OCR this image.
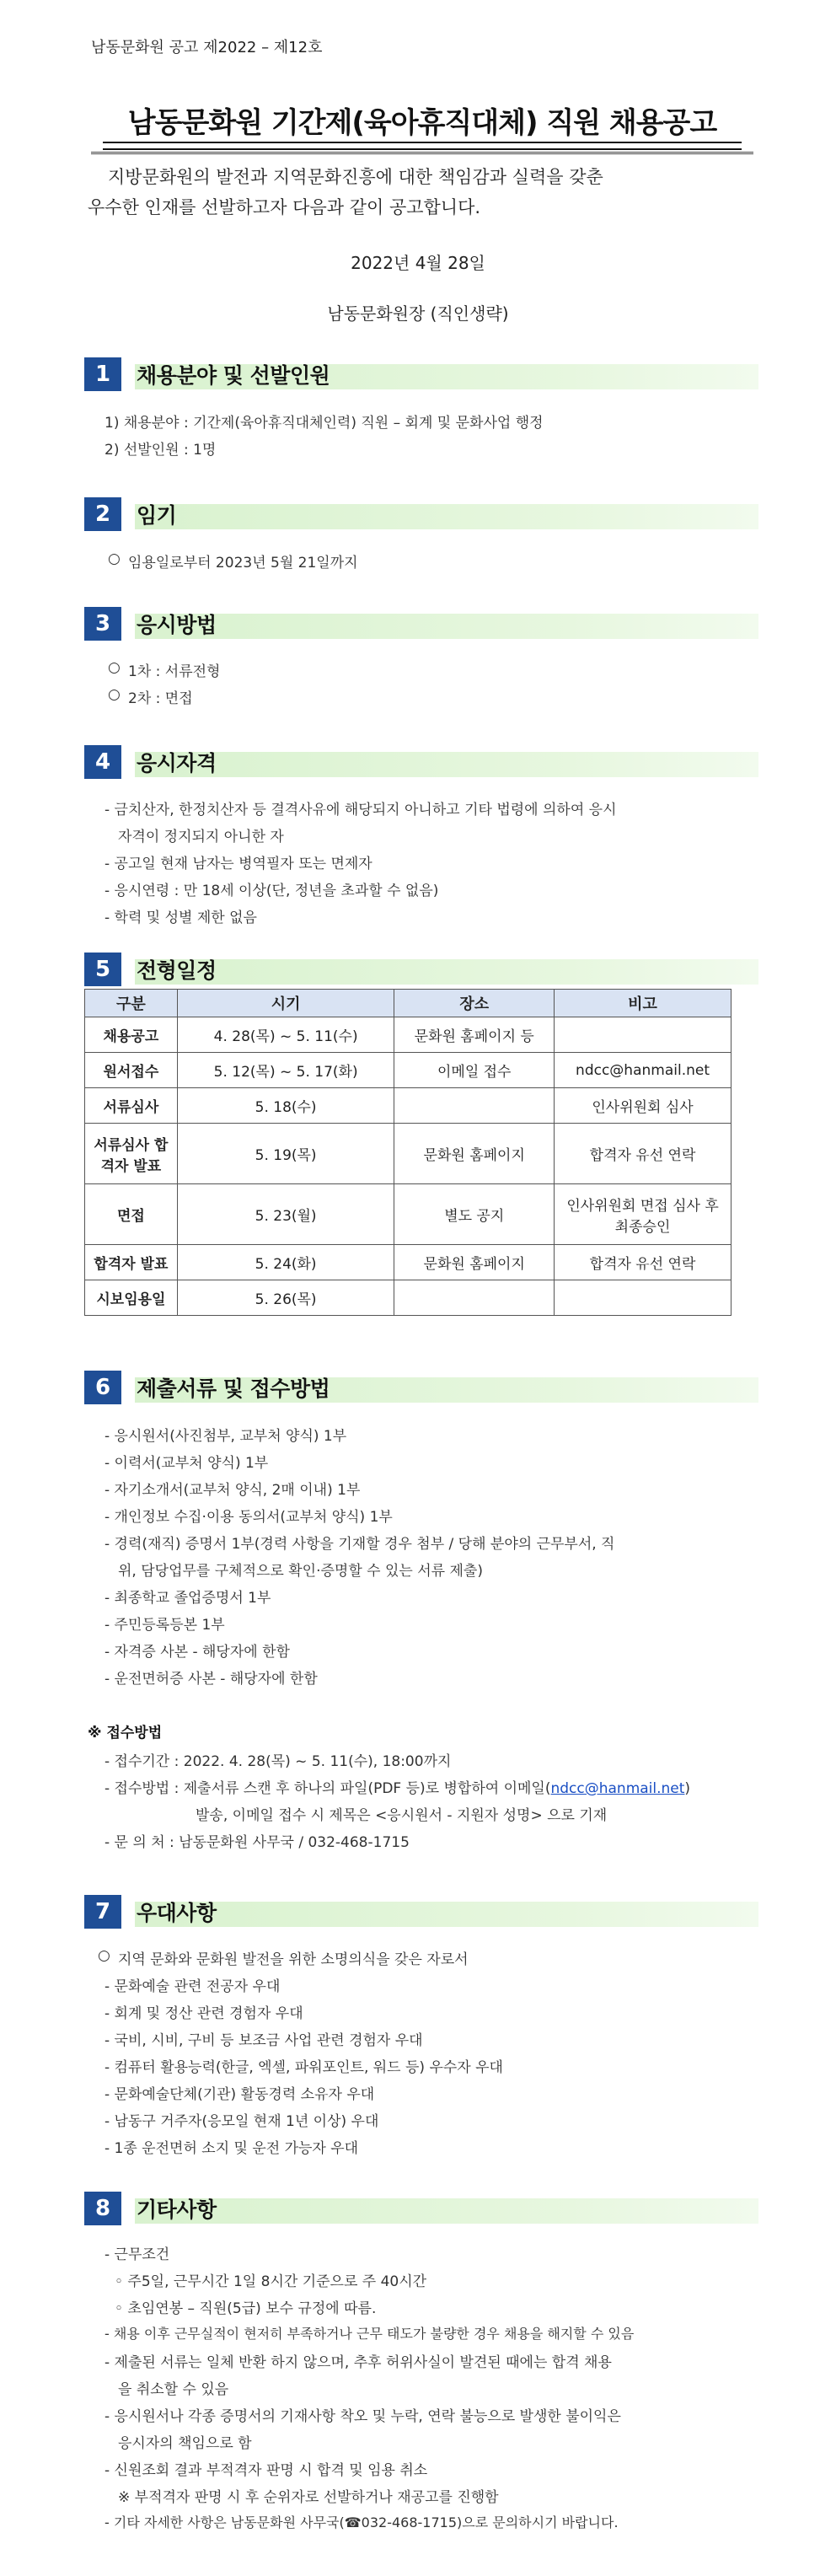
남동문화원 공고 제2022 – 제12호
남동문화원 기간제(육아휴직대체) 직원 채용공고
지방문화원의 발전과 지역문화진흥에 대한 책임감과 실력을 갖춘
우수한 인재를 선발하고자 다음과 같이 공고합니다.
2022년 4월 28일
남동문화원장 (직인생략)
1	채용분야 및 선발인원
1) 채용분야 : 기간제(육아휴직대체인력) 직원 – 회계 및 문화사업 행정
2) 선발인원 : 1명
2	임기
○ 임용일로부터 2023년 5월 21일까지
3	응시방법
○ 1차 : 서류전형
○ 2차 : 면접
4	응시자격
- 금치산자, 한정치산자 등 결격사유에 해당되지 아니하고 기타 법령에 의하여 응시
자격이 정지되지 아니한 자
- 공고일 현재 남자는 병역필자 또는 면제자
- 응시연령 : 만 18세 이상(단, 정년을 초과할 수 없음)
- 학력 및 성별 제한 없음
5	전형일정
구분	시기	장소	비고
채용공고	4. 28(목) ~ 5. 11(수)	문화원 홈페이지 등	
원서접수	5. 12(목) ~ 5. 17(화)	이메일 접수	ndcc@hanmail.net
서류심사	5. 18(수)		인사위원회 심사
서류심사 합격자 발표	5. 19(목)	문화원 홈페이지	합격자 유선 연락
면접	5. 23(월)	별도 공지	인사위원회 면접 심사 후 최종승인
합격자 발표	5. 24(화)	문화원 홈페이지	합격자 유선 연락
시보임용일	5. 26(목)		
6	제출서류 및 접수방법
- 응시원서(사진첨부, 교부처 양식) 1부
- 이력서(교부처 양식) 1부
- 자기소개서(교부처 양식, 2매 이내) 1부
- 개인정보 수집·이용 동의서(교부처 양식) 1부
- 경력(재직) 증명서 1부(경력 사항을 기재할 경우 첨부 / 당해 분야의 근무부서, 직
위, 담당업무를 구체적으로 확인·증명할 수 있는 서류 제출)
- 최종학교 졸업증명서 1부
- 주민등록등본 1부
- 자격증 사본 - 해당자에 한함
- 운전면허증 사본 - 해당자에 한함
※ 접수방법
- 접수기간 : 2022. 4. 28(목) ~ 5. 11(수), 18:00까지
- 접수방법 : 제출서류 스캔 후 하나의 파일(PDF 등)로 병합하여 이메일(ndcc@hanmail.net)
발송, 이메일 접수 시 제목은 <응시원서 - 지원자 성명> 으로 기재
- 문 의 처 : 남동문화원 사무국 / 032-468-1715
7	우대사항
○ 지역 문화와 문화원 발전을 위한 소명의식을 갖은 자로서
- 문화예술 관련 전공자 우대
- 회계 및 정산 관련 경험자 우대
- 국비, 시비, 구비 등 보조금 사업 관련 경험자 우대
- 컴퓨터 활용능력(한글, 엑셀, 파워포인트, 워드 등) 우수자 우대
- 문화예술단체(기관) 활동경력 소유자 우대
- 남동구 거주자(응모일 현재 1년 이상) 우대
- 1종 운전면허 소지 및 운전 가능자 우대
8	기타사항
- 근무조건
◦ 주5일, 근무시간 1일 8시간 기준으로 주 40시간
◦ 초임연봉 – 직원(5급) 보수 규정에 따름.
- 채용 이후 근무실적이 현저히 부족하거나 근무 태도가 불량한 경우 채용을 해지할 수 있음
- 제출된 서류는 일체 반환 하지 않으며, 추후 허위사실이 발견된 때에는 합격 채용
을 취소할 수 있음
- 응시원서나 각종 증명서의 기재사항 착오 및 누락, 연락 불능으로 발생한 불이익은
응시자의 책임으로 함
- 신원조회 결과 부적격자 판명 시 합격 및 임용 취소
※ 부적격자 판명 시 후 순위자로 선발하거나 재공고를 진행함
- 기타 자세한 사항은 남동문화원 사무국(☎032-468-1715)으로 문의하시기 바랍니다.
